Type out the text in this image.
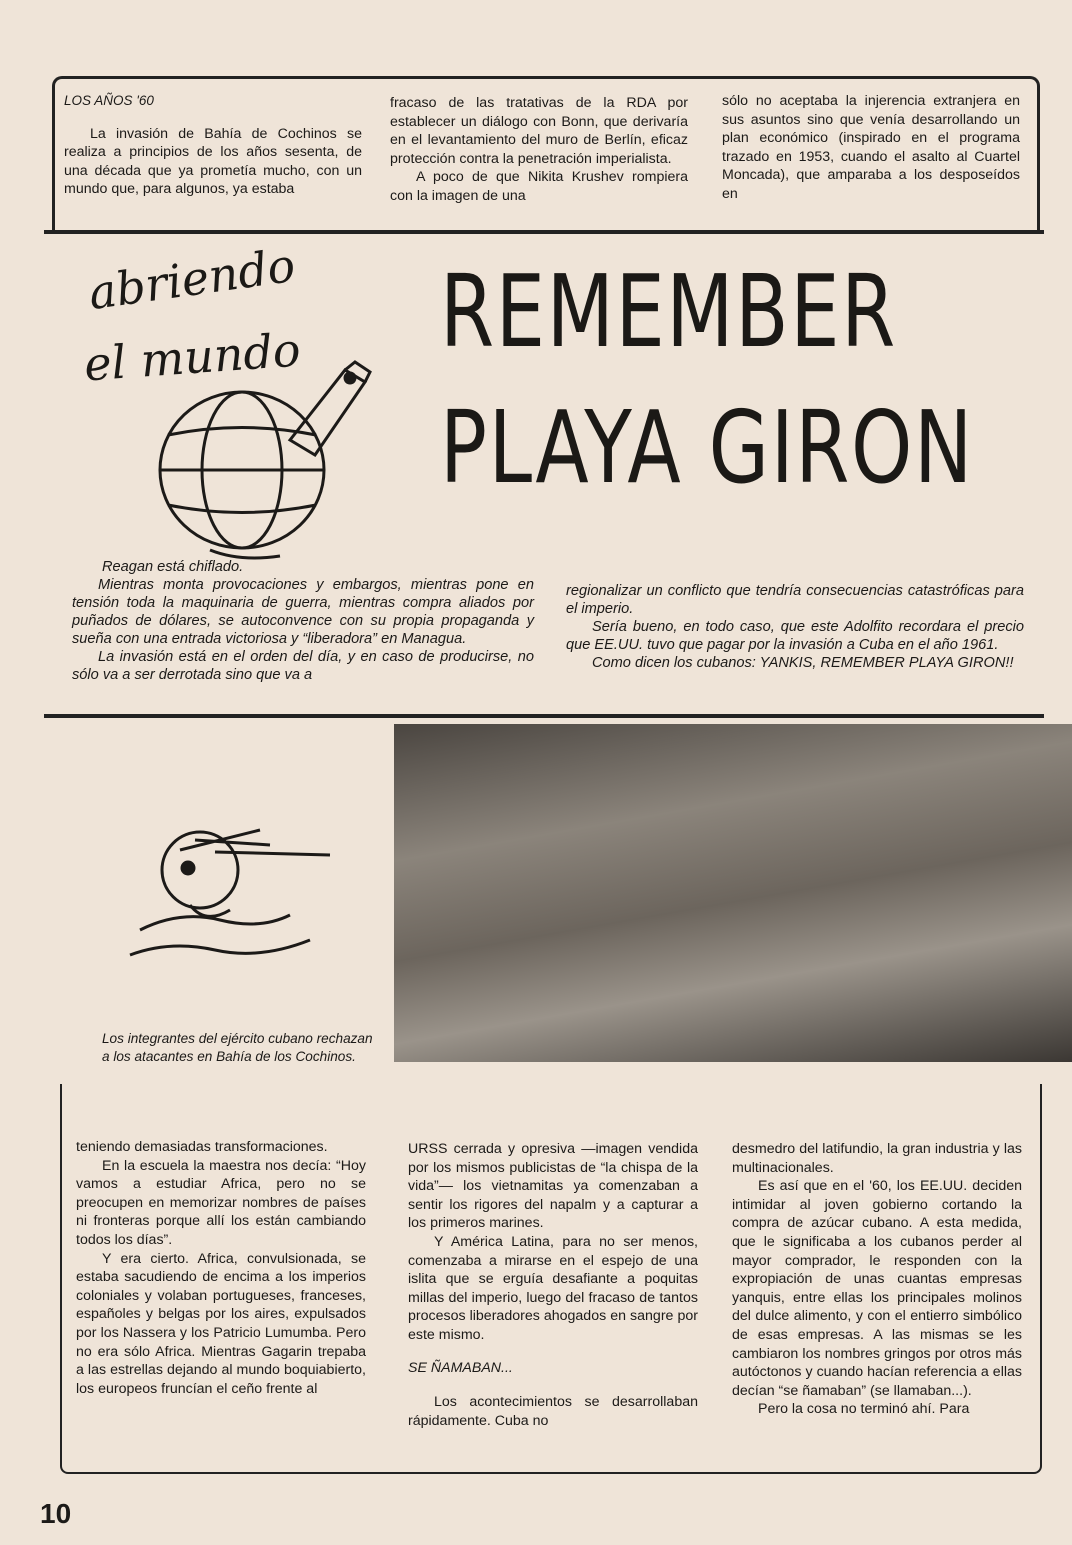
LOS AÑOS '60

La invasión de Bahía de Cochinos se realiza a principios de los años sesenta, de una década que ya prometía mucho, con un mundo que, para algunos, ya estaba

fracaso de las tratativas de la RDA por establecer un diálogo con Bonn, que derivaría en el levantamiento del muro de Berlín, eficaz protección contra la penetración imperialista.

A poco de que Nikita Krushev rompiera con la imagen de una

sólo no aceptaba la injerencia extranjera en sus asuntos sino que venía desarrollando un plan económico (inspirado en el programa trazado en 1953, cuando el asalto al Cuartel Moncada), que amparaba a los desposeídos en

abriendo
el mundo REMEMBER
PLAYA GIRON

Reagan está chiflado.

Mientras monta provocaciones y embargos, mientras pone en tensión toda la maquinaria de guerra, mientras compra aliados por puñados de dólares, se autoconvence con su propia propaganda y sueña con una entrada victoriosa y “liberadora” en Managua.

La invasión está en el orden del día, y en caso de producirse, no sólo va a ser derrotada sino que va a

regionalizar un conflicto que tendría consecuencias catastróficas para el imperio.

Sería bueno, en todo caso, que este Adolfito recordara el precio que EE.UU. tuvo que pagar por la invasión a Cuba en el año 1961.

Como dicen los cubanos: YANKIS, REMEMBER PLAYA GIRON!!

Los integrantes del ejército cubano rechazan a los atacantes en Bahía de los Cochinos.

teniendo demasiadas transformaciones.

En la escuela la maestra nos decía: “Hoy vamos a estudiar Africa, pero no se preocupen en memorizar nombres de países ni fronteras porque allí los están cambiando todos los días”.

Y era cierto. Africa, convulsionada, se estaba sacudiendo de encima a los imperios coloniales y volaban portugueses, franceses, españoles y belgas por los aires, expulsados por los Nassera y los Patricio Lumumba. Pero no era sólo Africa. Mientras Gagarin trepaba a las estrellas dejando al mundo boquiabierto, los europeos fruncían el ceño frente al

URSS cerrada y opresiva —imagen vendida por los mismos publicistas de “la chispa de la vida”— los vietnamitas ya comenzaban a sentir los rigores del napalm y a capturar a los primeros marines.

Y América Latina, para no ser menos, comenzaba a mirarse en el espejo de una islita que se erguía desafiante a poquitas millas del imperio, luego del fracaso de tantos procesos liberadores ahogados en sangre por este mismo.

SE ÑAMABAN...

Los acontecimientos se desarrollaban rápidamente. Cuba no

desmedro del latifundio, la gran industria y las multinacionales.

Es así que en el '60, los EE.UU. deciden intimidar al joven gobierno cortando la compra de azúcar cubano. A esta medida, que le significaba a los cubanos perder al mayor comprador, le responden con la expropiación de unas cuantas empresas yanquis, entre ellas los principales molinos del dulce alimento, y con el entierro simbólico de esas empresas. A las mismas se les cambiaron los nombres gringos por otros más autóctonos y cuando hacían referencia a ellas decían “se ñamaban” (se llamaban...).

Pero la cosa no terminó ahí. Para

10
